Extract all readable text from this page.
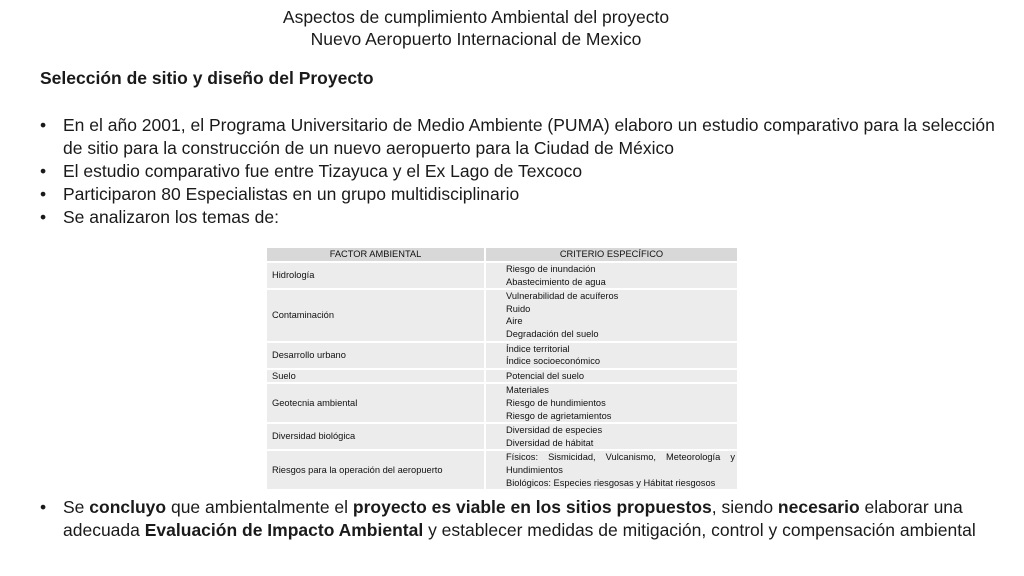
Aspectos de cumplimiento Ambiental del proyecto
Nuevo Aeropuerto Internacional de Mexico
Selección de sitio y diseño del Proyecto
• En el año 2001, el Programa Universitario de Medio Ambiente (PUMA) elaboro un estudio comparativo para la selección de sitio para la construcción de un nuevo aeropuerto para la Ciudad de México
• El estudio comparativo fue entre Tizayuca y el Ex Lago de Texcoco
• Participaron 80 Especialistas en un grupo multidisciplinario
• Se analizaron los temas de:
FACTOR AMBIENTAL	CRITERIO ESPECÍFICO
Hidrología	Riesgo de inundación
Abastecimiento de agua

Contaminación	Vulnerabilidad de acuíferos
Ruido
Aire
Degradación del suelo

Desarrollo urbano	Índice territorial
Índice socioeconómico

Suelo	Potencial del suelo

Geotecnia ambiental	Materiales
Riesgo de hundimientos
Riesgo de agrietamientos

Diversidad biológica	Diversidad de especies
Diversidad de hábitat

Riesgos para la operación del aeropuerto	Físicos: Sismicidad, Vulcanismo, Meteorología y Hundimientos
Biológicos: Especies riesgosas y Hábitat riesgosos
• Se concluyo que ambientalmente el proyecto es viable en los sitios propuestos, siendo necesario elaborar una adecuada Evaluación de Impacto Ambiental y establecer medidas de mitigación, control y compensación ambiental
